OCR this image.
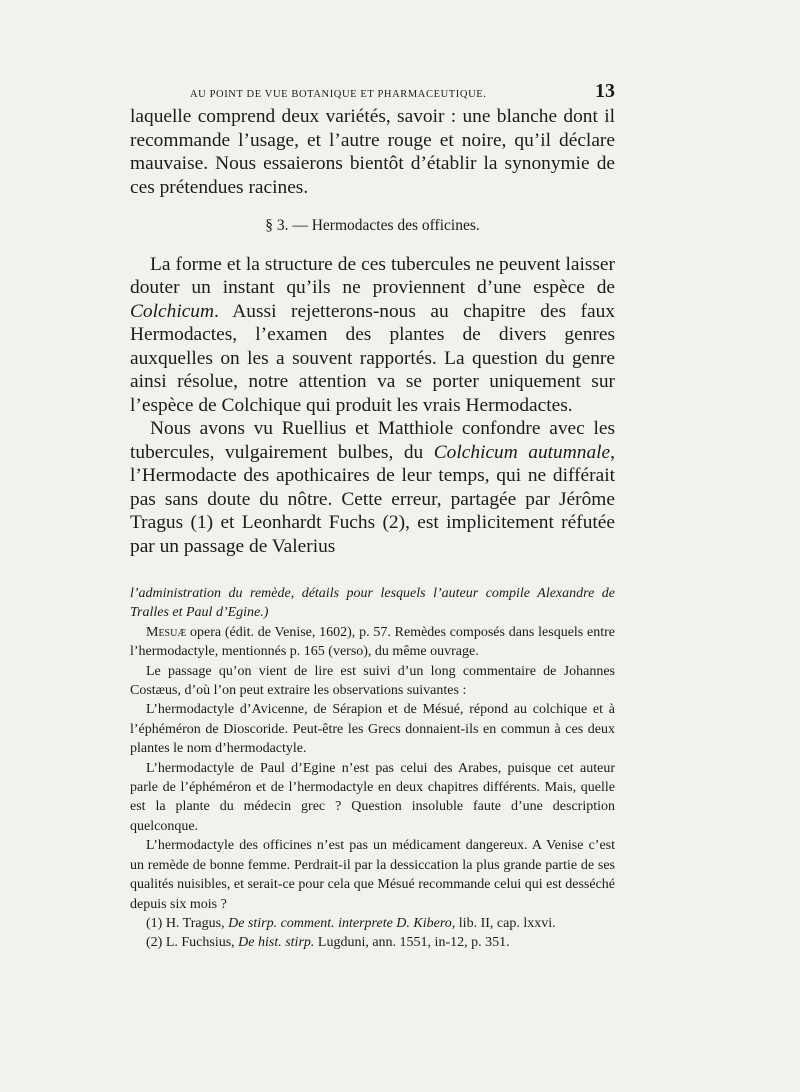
AU POINT DE VUE BOTANIQUE ET PHARMACEUTIQUE.	13

laquelle comprend deux variétés, savoir : une blanche dont il recommande l’usage, et l’autre rouge et noire, qu’il déclare mauvaise. Nous essaierons bientôt d’établir la synonymie de ces prétendues racines.

§ 3. — Hermodactes des officines.

La forme et la structure de ces tubercules ne peuvent laisser douter un instant qu’ils ne proviennent d’une espèce de Colchicum. Aussi rejetterons-nous au chapitre des faux Hermodactes, l’examen des plantes de divers genres auxquelles on les a souvent rapportés. La question du genre ainsi résolue, notre attention va se porter uniquement sur l’espèce de Colchique qui produit les vrais Hermodactes.

Nous avons vu Ruellius et Matthiole confondre avec les tubercules, vulgairement bulbes, du Colchicum autumnale, l’Hermodacte des apothicaires de leur temps, qui ne différait pas sans doute du nôtre. Cette erreur, partagée par Jérôme Tragus (1) et Leonhardt Fuchs (2), est implicitement réfutée par un passage de Valerius

l’administration du remède, détails pour lesquels l’auteur compile Alexandre de Tralles et Paul d’Egine.)

Mesuæ opera (édit. de Venise, 1602), p. 57. Remèdes composés dans lesquels entre l’hermodactyle, mentionnés p. 165 (verso), du même ouvrage.

Le passage qu’on vient de lire est suivi d’un long commentaire de Johannes Costæus, d’où l’on peut extraire les observations suivantes :

L’hermodactyle d’Avicenne, de Sérapion et de Mésué, répond au colchique et à l’éphéméron de Dioscoride. Peut-être les Grecs donnaient-ils en commun à ces deux plantes le nom d’hermodactyle.

L’hermodactyle de Paul d’Egine n’est pas celui des Arabes, puisque cet auteur parle de l’éphéméron et de l’hermodactyle en deux chapitres différents. Mais, quelle est la plante du médecin grec ? Question insoluble faute d’une description quelconque.

L’hermodactyle des officines n’est pas un médicament dangereux. A Venise c’est un remède de bonne femme. Perdrait-il par la dessiccation la plus grande partie de ses qualités nuisibles, et serait-ce pour cela que Mésué recommande celui qui est desséché depuis six mois ?

(1) H. Tragus, De stirp. comment. interprete D. Kibero, lib. II, cap. lxxvi.

(2) L. Fuchsius, De hist. stirp. Lugduni, ann. 1551, in-12, p. 351.
